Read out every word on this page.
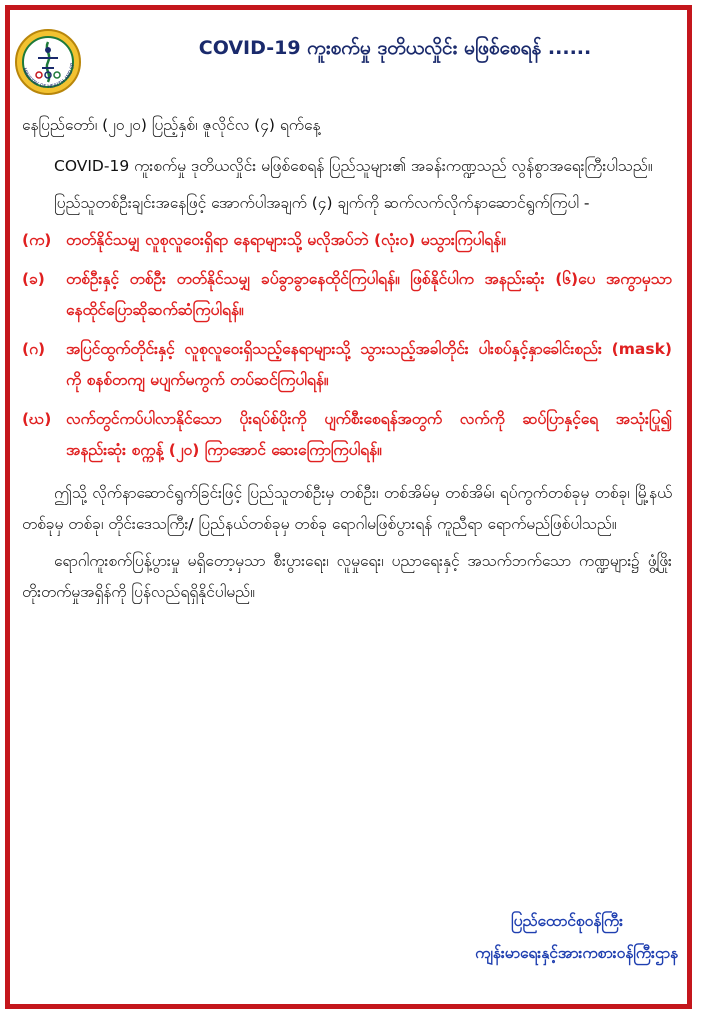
MINISTRY OF HEALTH AND SP
COVID-19 ကူးစက်မှု ဒုတိယလှိုင်း မဖြစ်စေရန် ......

နေပြည်တော်၊ (၂၀၂၀) ပြည့်နှစ်၊ ဇူလိုင်လ (၄) ရက်နေ့

COVID-19 ကူးစက်မှု ဒုတိယလှိုင်း မဖြစ်စေရန် ပြည်သူများ၏ အခန်းကဏ္ဍသည် လွန်စွာအရေးကြီးပါသည်။

ပြည်သူတစ်ဦးချင်းအနေဖြင့် အောက်ပါအချက် (၄) ချက်ကို ဆက်လက်လိုက်နာဆောင်ရွက်ကြပါ -

(က) တတ်နိုင်သမျှ လူစုလူဝေးရှိရာ နေရာများသို့ မလိုအပ်ဘဲ (လုံးဝ) မသွားကြပါရန်။
(ခ)	တစ်ဦးနှင့် တစ်ဦး တတ်နိုင်သမျှ ခပ်ခွာခွာနေထိုင်ကြပါရန်။ ဖြစ်နိုင်ပါက အနည်းဆုံး (၆)ပေ အကွာမှသာ နေထိုင်ပြောဆိုဆက်ဆံကြပါရန်။
(ဂ)	အပြင်ထွက်တိုင်းနှင့် လူစုလူဝေးရှိသည့်နေရာများသို့ သွားသည့်အခါတိုင်း ပါးစပ်နှင့်နှာခေါင်းစည်း (mask) ကို စနစ်တကျ မပျက်မကွက် တပ်ဆင်ကြပါရန်။
(ဃ) လက်တွင်ကပ်ပါလာနိုင်သော ပိုးရပ်စ်ပိုးကို ပျက်စီးစေရန်အတွက် လက်ကို ဆပ်ပြာနှင့်ရေ အသုံးပြု၍ အနည်းဆုံး စက္ကန့် (၂၀) ကြာအောင် ဆေးကြောကြပါရန်။

ဤသို့ လိုက်နာဆောင်ရွက်ခြင်းဖြင့် ပြည်သူတစ်ဦးမှ တစ်ဦး၊ တစ်အိမ်မှ တစ်အိမ်၊ ရပ်ကွက်တစ်ခုမှ တစ်ခု၊ မြို့နယ်တစ်ခုမှ တစ်ခု၊ တိုင်းဒေသကြီး/ ပြည်နယ်တစ်ခုမှ တစ်ခု ရောဂါမဖြစ်ပွားရန် ကူညီရာ ရောက်မည်ဖြစ်ပါသည်။

ရောဂါကူးစက်ပြန့်ပွားမှု မရှိတော့မှသာ စီးပွားရေး၊ လူမှုရေး၊ ပညာရေးနှင့် အသက်ဘက်သော ကဏ္ဍများ၌ ဖွံ့ဖြိုးတိုးတက်မှုအရှိန်ကို ပြန်လည်ရရှိနိုင်ပါမည်။

ပြည်ထောင်စုဝန်ကြီး
ကျန်းမာရေးနှင့်အားကစားဝန်ကြီးဌာန
